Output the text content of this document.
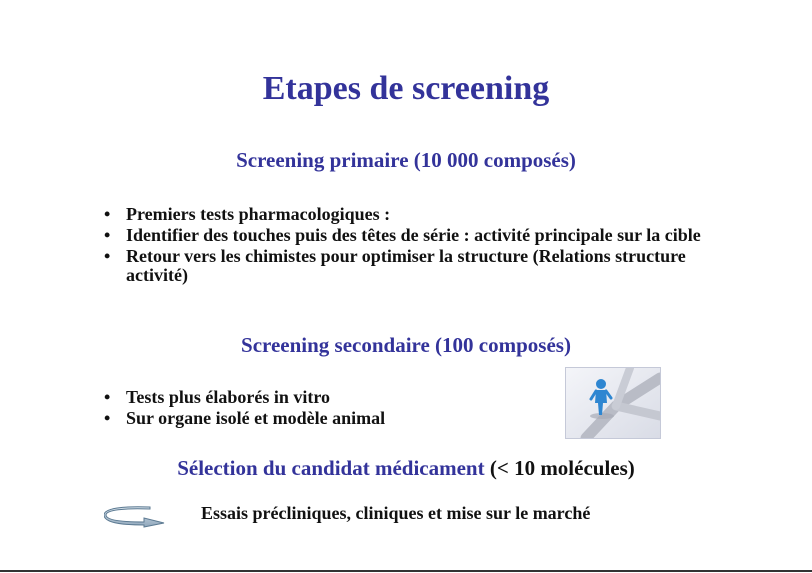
Etapes de screening
Screening primaire (10 000 composés)
• Premiers tests pharmacologiques :
• Identifier des touches puis des têtes de série : activité principale sur la cible
• Retour vers les chimistes pour optimiser la structure (Relations structure activité)
Screening secondaire (100 composés)
• Tests plus élaborés in vitro
• Sur organe isolé et modèle animal
Sélection du candidat médicament (< 10 molécules)
Essais précliniques, cliniques et mise sur le marché
